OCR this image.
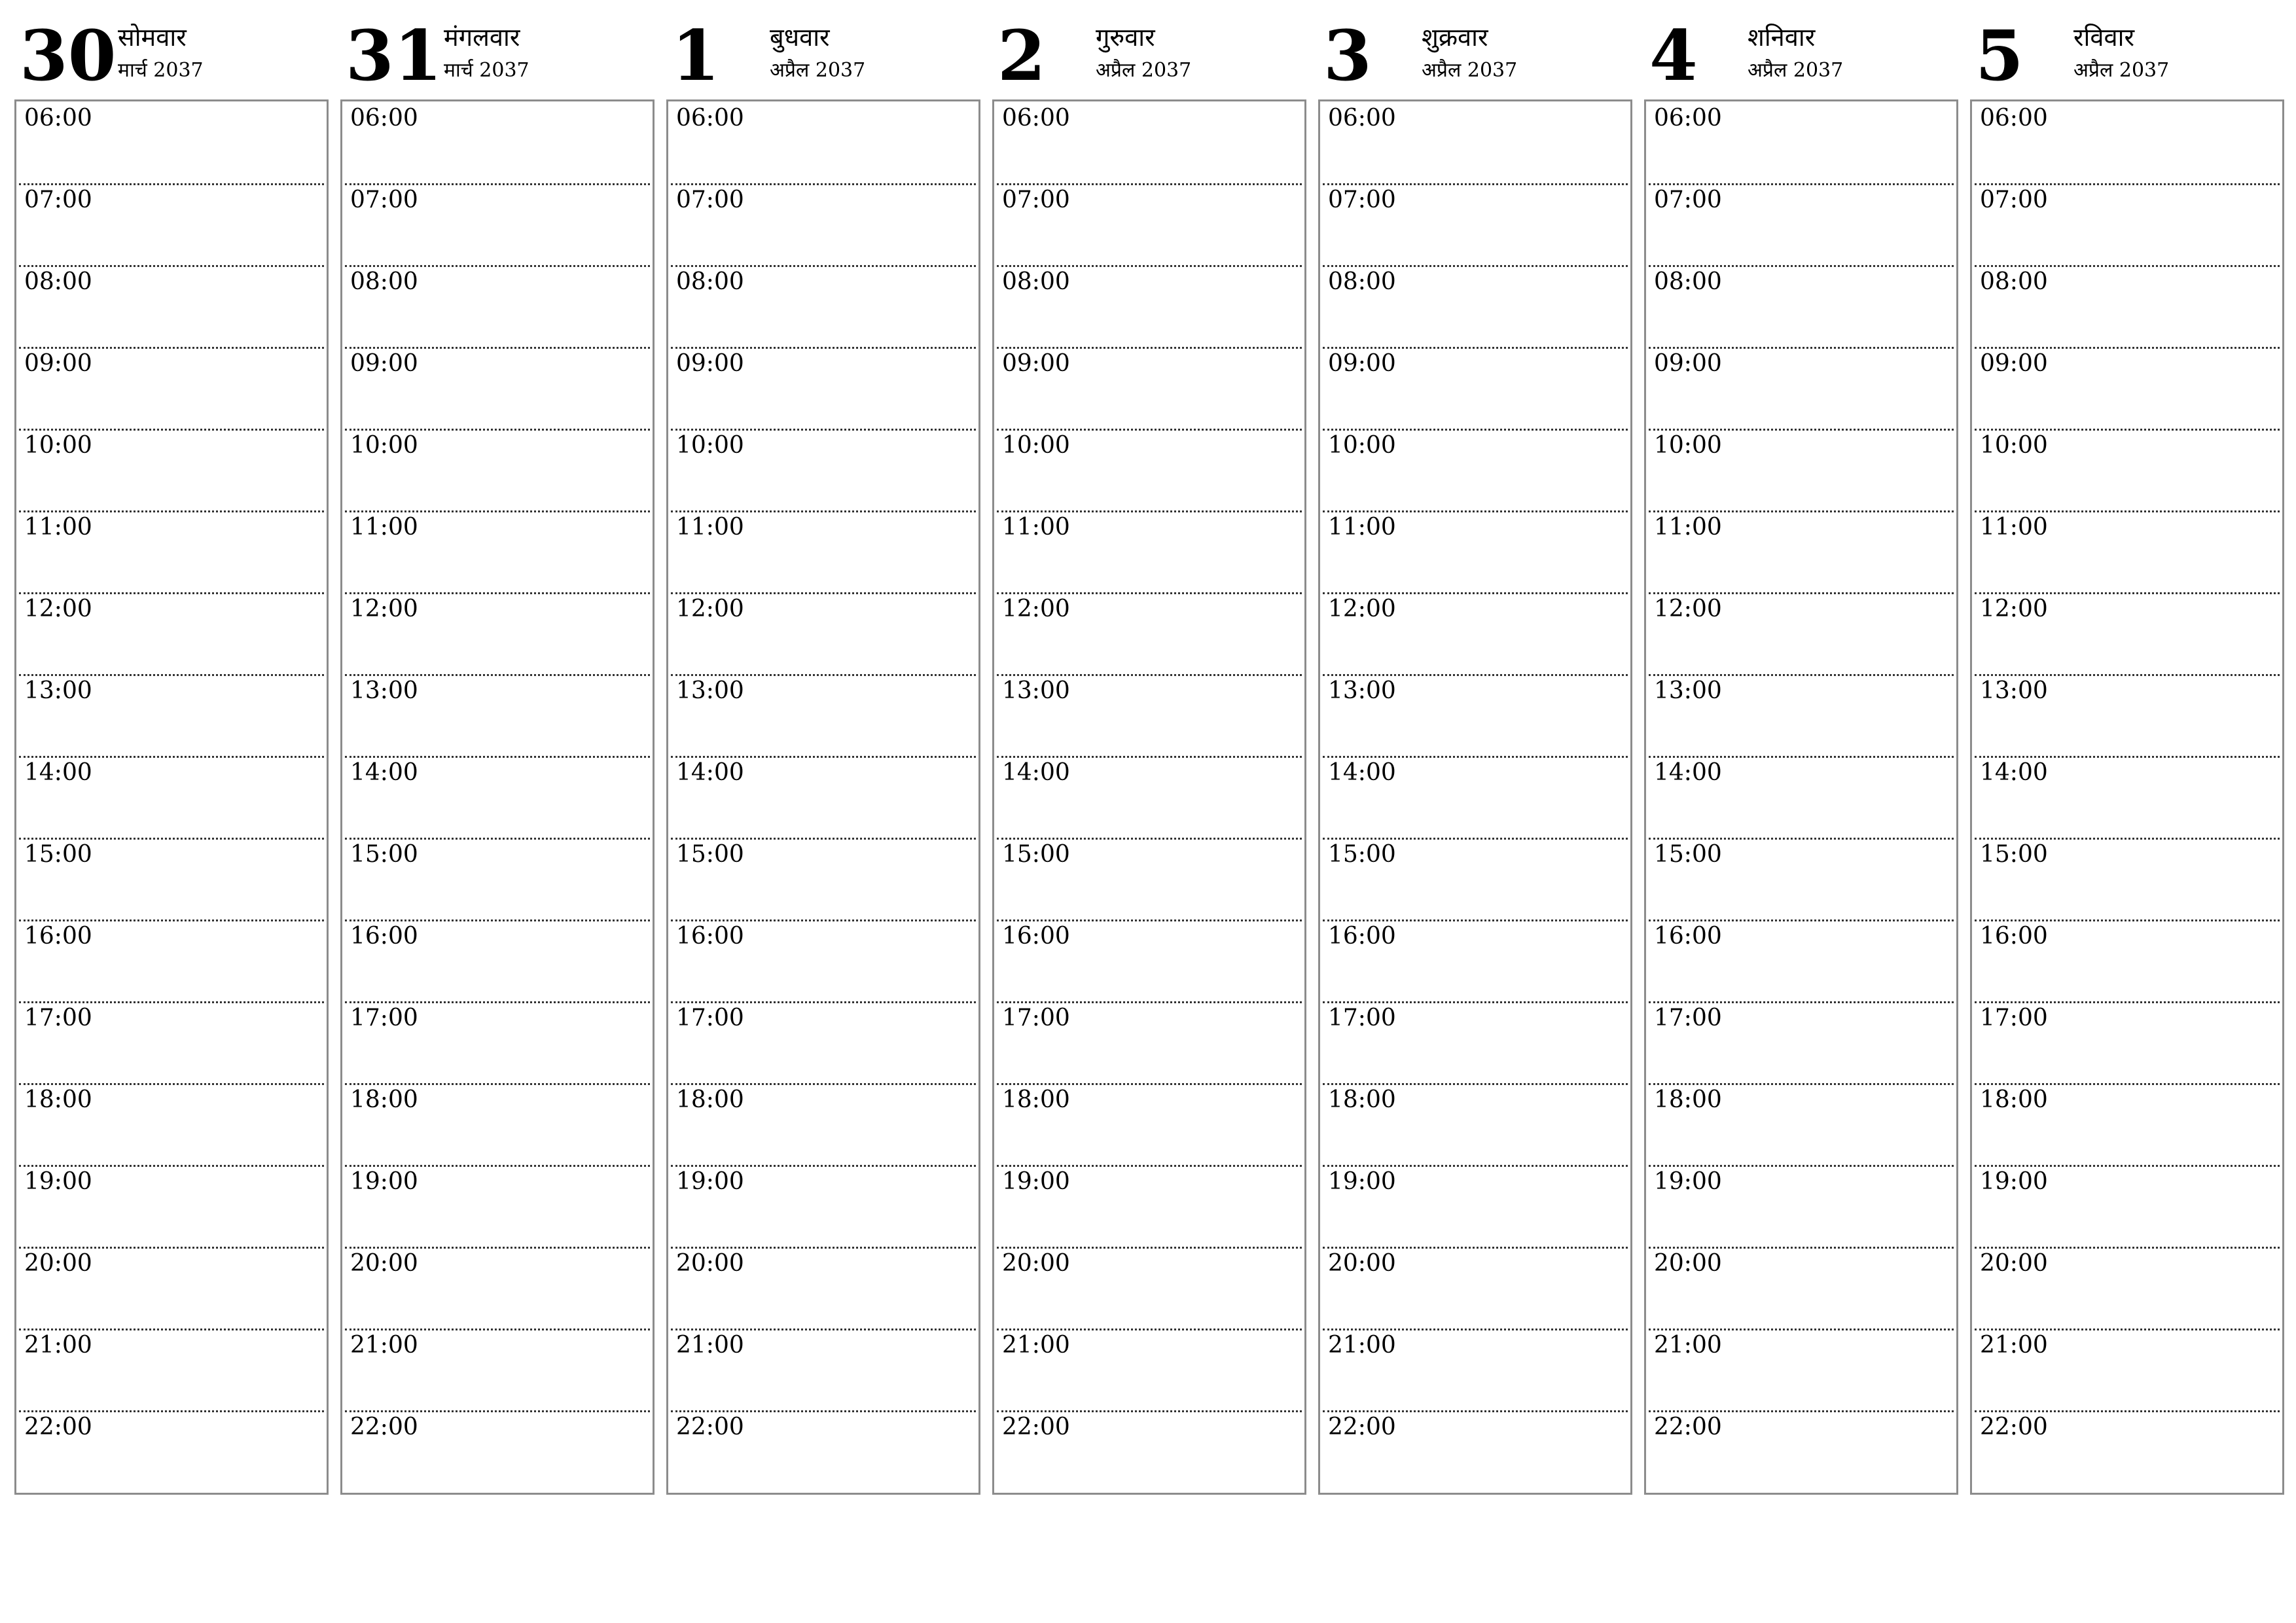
30 सोमवार
मार्च 2037
06:00
07:00
08:00
09:00
10:00
11:00
12:00
13:00
14:00
15:00
16:00
17:00
18:00
19:00
20:00
21:00
22:00
31 मंगलवार
मार्च 2037
06:00
07:00
08:00
09:00
10:00
11:00
12:00
13:00
14:00
15:00
16:00
17:00
18:00
19:00
20:00
21:00
22:00
1 बुधवार
अप्रैल 2037
06:00
07:00
08:00
09:00
10:00
11:00
12:00
13:00
14:00
15:00
16:00
17:00
18:00
19:00
20:00
21:00
22:00
2 गुरुवार
अप्रैल 2037
06:00
07:00
08:00
09:00
10:00
11:00
12:00
13:00
14:00
15:00
16:00
17:00
18:00
19:00
20:00
21:00
22:00
3 शुक्रवार
अप्रैल 2037
06:00
07:00
08:00
09:00
10:00
11:00
12:00
13:00
14:00
15:00
16:00
17:00
18:00
19:00
20:00
21:00
22:00
4 शनिवार
अप्रैल 2037
06:00
07:00
08:00
09:00
10:00
11:00
12:00
13:00
14:00
15:00
16:00
17:00
18:00
19:00
20:00
21:00
22:00
5 रविवार
अप्रैल 2037
06:00
07:00
08:00
09:00
10:00
11:00
12:00
13:00
14:00
15:00
16:00
17:00
18:00
19:00
20:00
21:00
22:00
